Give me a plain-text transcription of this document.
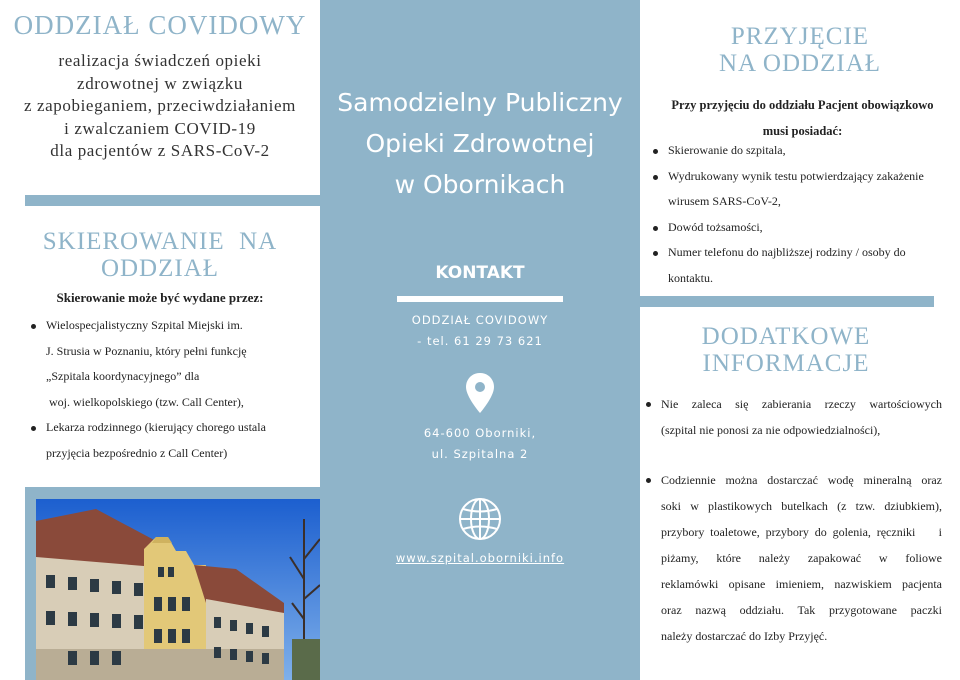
ODDZIAŁ COVIDOWY
realizacja świadczeń opieki
zdrowotnej w związku
z zapobieganiem, przeciwdziałaniem
i zwalczaniem COVID-19
dla pacjentów z SARS-CoV-2
SKIEROWANIE  NA
ODDZIAŁ
Skierowanie może być wydane przez:
Wielospecjalistyczny Szpital Miejski im.
J. Strusia w Poznaniu, który pełni funkcję
„Szpitala koordynacyjnego” dla
woj. wielkopolskiego (tzw. Call Center),
Lekarza rodzinnego (kierujący chorego ustala
przyjęcia bezpośrednio z Call Center)
Samodzielny Publiczny
Opieki Zdrowotnej
w Obornikach
KONTAKT
ODDZIAŁ COVIDOWY
- tel. 61 29 73 621
64-600 Oborniki,
ul. Szpitalna 2
www.szpital.oborniki.info
PRZYJĘCIE
NA ODDZIAŁ
Przy przyjęciu do oddziału Pacjent obowiązkowo
musi posiadać:
Skierowanie do szpitala,
Wydrukowany wynik testu potwierdzający zakażenie
wirusem SARS-CoV-2,
Dowód tożsamości,
Numer telefonu do najbliższej rodziny / osoby do
kontaktu.
DODATKOWE
INFORMACJE
Nie zaleca się zabierania rzeczy wartościowych
(szpital nie ponosi za nie odpowiedzialności),
Codziennie można dostarczać wodę mineralną oraz
soki w plastikowych butelkach (z tzw. dziubkiem),
przybory toaletowe, przybory do golenia, ręczniki    i
piżamy, które należy zapakować w foliowe
reklamówki opisane imieniem, nazwiskiem pacjenta
oraz nazwą oddziału. Tak przygotowane paczki
należy dostarczać do Izby Przyjęć.
